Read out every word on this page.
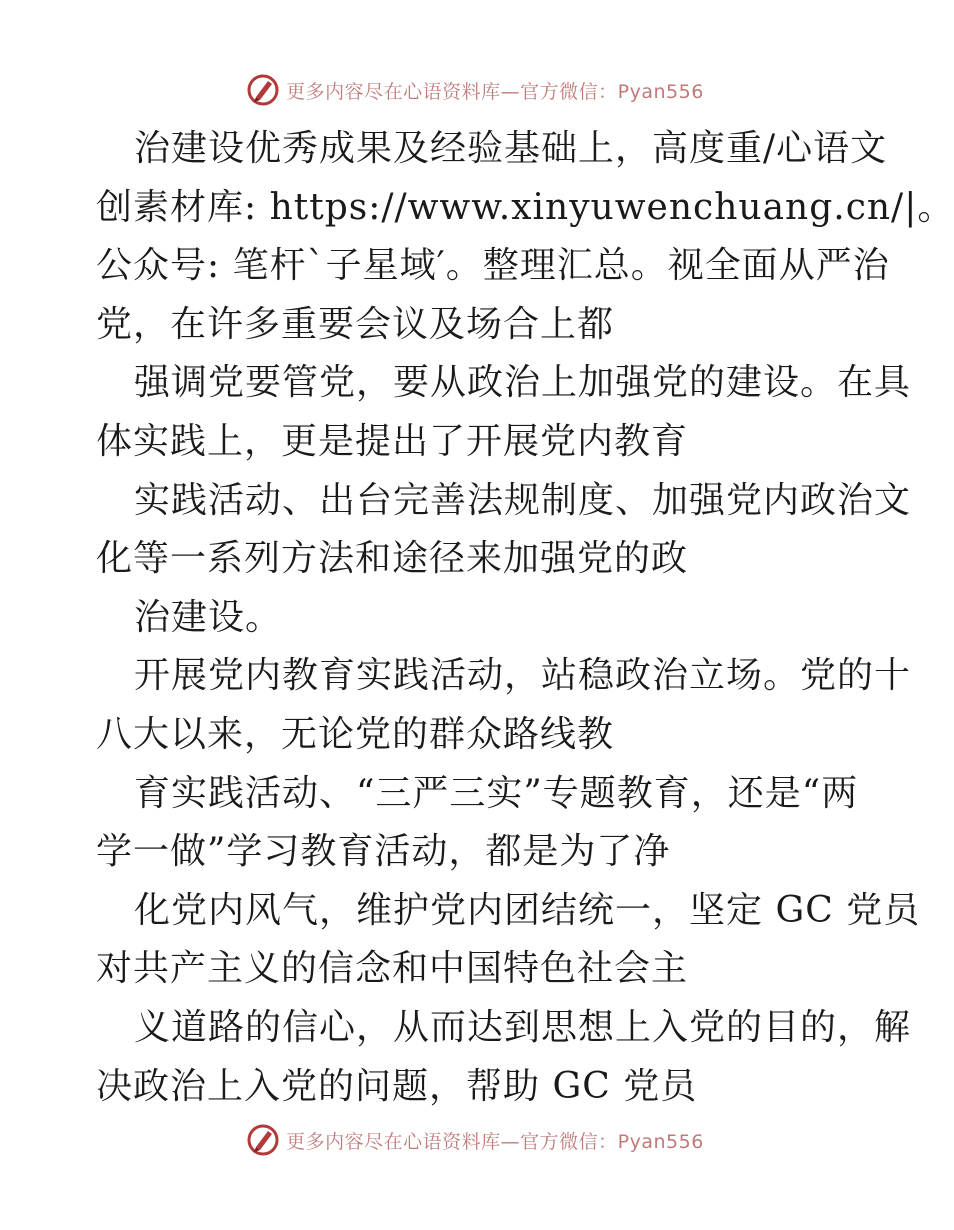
更多内容尽在心语资料库—官方微信：Pyan556
治建设优秀成果及经验基础上，高度重/心语文
创素材库: https://www.xinyuwenchuang.cn/|。
公众号: 笔杆`子星域′。整理汇总。视全面从严治
党，在许多重要会议及场合上都
强调党要管党，要从政治上加强党的建设。在具
体实践上，更是提出了开展党内教育
实践活动、出台完善法规制度、加强党内政治文
化等一系列方法和途径来加强党的政
治建设。
开展党内教育实践活动，站稳政治立场。党的十
八大以来，无论党的群众路线教
育实践活动、“三严三实”专题教育，还是“两
学一做”学习教育活动，都是为了净
化党内风气，维护党内团结统一，坚定 GC 党员
对共产主义的信念和中国特色社会主
义道路的信心，从而达到思想上入党的目的，解
决政治上入党的问题，帮助 GC 党员
更多内容尽在心语资料库—官方微信：Pyan556
